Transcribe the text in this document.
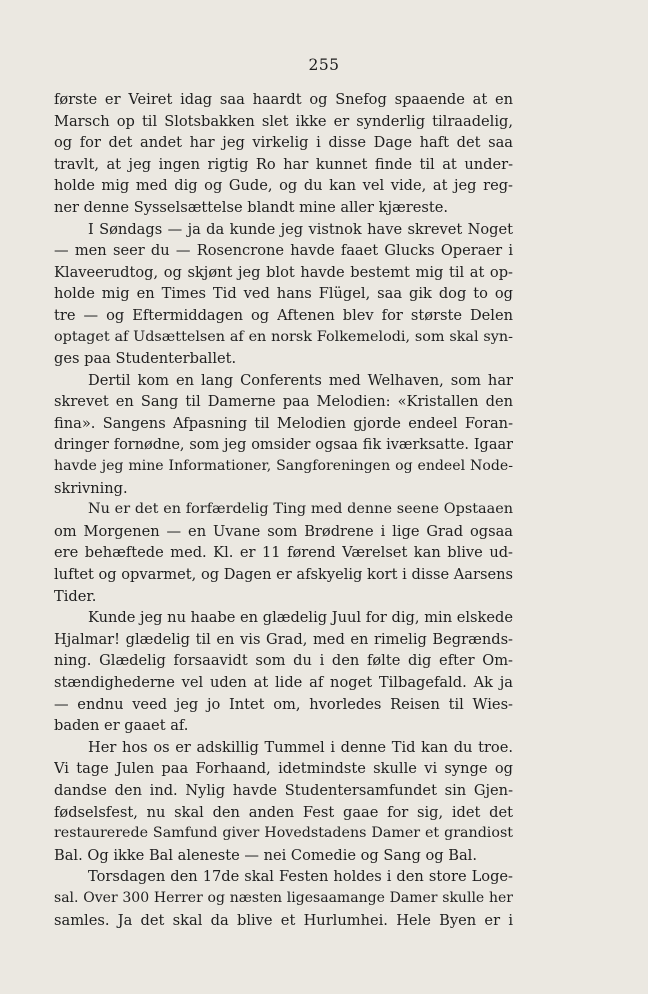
255
første er Veiret idag saa haardt og Snefog spaaende at en
Marsch op til Slotsbakken slet ikke er synderlig tilraadelig,
og for det andet har jeg virkelig i disse Dage haft det saa
travlt, at jeg ingen rigtig Ro har kunnet finde til at under-
holde mig med dig og Gude, og du kan vel vide, at jeg reg-
ner denne Sysselsættelse blandt mine aller kjæreste.
I Søndags — ja da kunde jeg vistnok have skrevet Noget
— men seer du — Rosencrone havde faaet Glucks Operaer i
Klaveerudtog, og skjønt jeg blot havde bestemt mig til at op-
holde mig en Times Tid ved hans Flügel, saa gik dog to og
tre — og Eftermiddagen og Aftenen blev for største Delen
optaget af Udsættelsen af en norsk Folkemelodi, som skal syn-
ges paa Studenterballet.
Dertil kom en lang Conferents med Welhaven, som har
skrevet en Sang til Damerne paa Melodien: «Kristallen den
fina». Sangens Afpasning til Melodien gjorde endeel Foran-
dringer fornødne, som jeg omsider ogsaa fik iværksatte. Igaar
havde jeg mine Informationer, Sangforeningen og endeel Node-
skrivning.
Nu er det en forfærdelig Ting med denne seene Opstaaen
om Morgenen — en Uvane som Brødrene i lige Grad ogsaa
ere behæftede med. Kl. er 11 førend Værelset kan blive ud-
luftet og opvarmet, og Dagen er afskyelig kort i disse Aarsens
Tider.
Kunde jeg nu haabe en glædelig Juul for dig, min elskede
Hjalmar! glædelig til en vis Grad, med en rimelig Begrænds-
ning. Glædelig forsaavidt som du i den følte dig efter Om-
stændighederne vel uden at lide af noget Tilbagefald. Ak ja
— endnu veed jeg jo Intet om, hvorledes Reisen til Wies-
baden er gaaet af.
Her hos os er adskillig Tummel i denne Tid kan du troe.
Vi tage Julen paa Forhaand, idetmindste skulle vi synge og
dandse den ind. Nylig havde Studentersamfundet sin Gjen-
fødselsfest, nu skal den anden Fest gaae for sig, idet det
restaurerede Samfund giver Hovedstadens Damer et grandiost
Bal. Og ikke Bal aleneste — nei Comedie og Sang og Bal.
Torsdagen den 17de skal Festen holdes i den store Loge-
sal. Over 300 Herrer og næsten ligesaamange Damer skulle her
samles. Ja det skal da blive et Hurlumhei. Hele Byen er i
